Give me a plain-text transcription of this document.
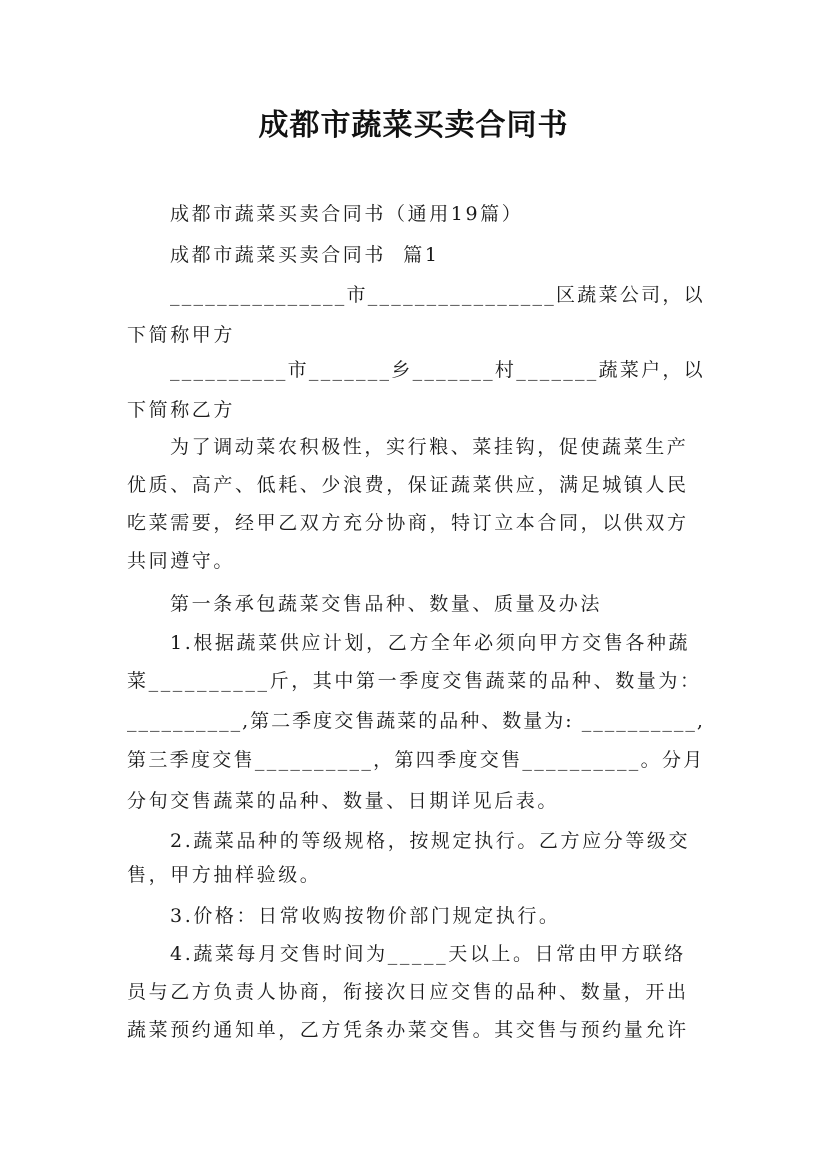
成都市蔬菜买卖合同书
成都市蔬菜买卖合同书（通用19篇）
成都市蔬菜买卖合同书  篇1
_______________市________________区蔬菜公司，以
下简称甲方
__________市_______乡_______村_______蔬菜户，以
下简称乙方
为了调动菜农积极性，实行粮、菜挂钩，促使蔬菜生产
优质、高产、低耗、少浪费，保证蔬菜供应，满足城镇人民
吃菜需要，经甲乙双方充分协商，特订立本合同，以供双方
共同遵守。
第一条承包蔬菜交售品种、数量、质量及办法
1.根据蔬菜供应计划，乙方全年必须向甲方交售各种蔬
菜__________斤，其中第一季度交售蔬菜的品种、数量为：
__________,第二季度交售蔬菜的品种、数量为: __________,
第三季度交售__________，第四季度交售__________。分月
分旬交售蔬菜的品种、数量、日期详见后表。
2.蔬菜品种的等级规格，按规定执行。乙方应分等级交
售，甲方抽样验级。
3.价格：日常收购按物价部门规定执行。
4.蔬菜每月交售时间为_____天以上。日常由甲方联络
员与乙方负责人协商，衔接次日应交售的品种、数量，开出
蔬菜预约通知单，乙方凭条办菜交售。其交售与预约量允许
